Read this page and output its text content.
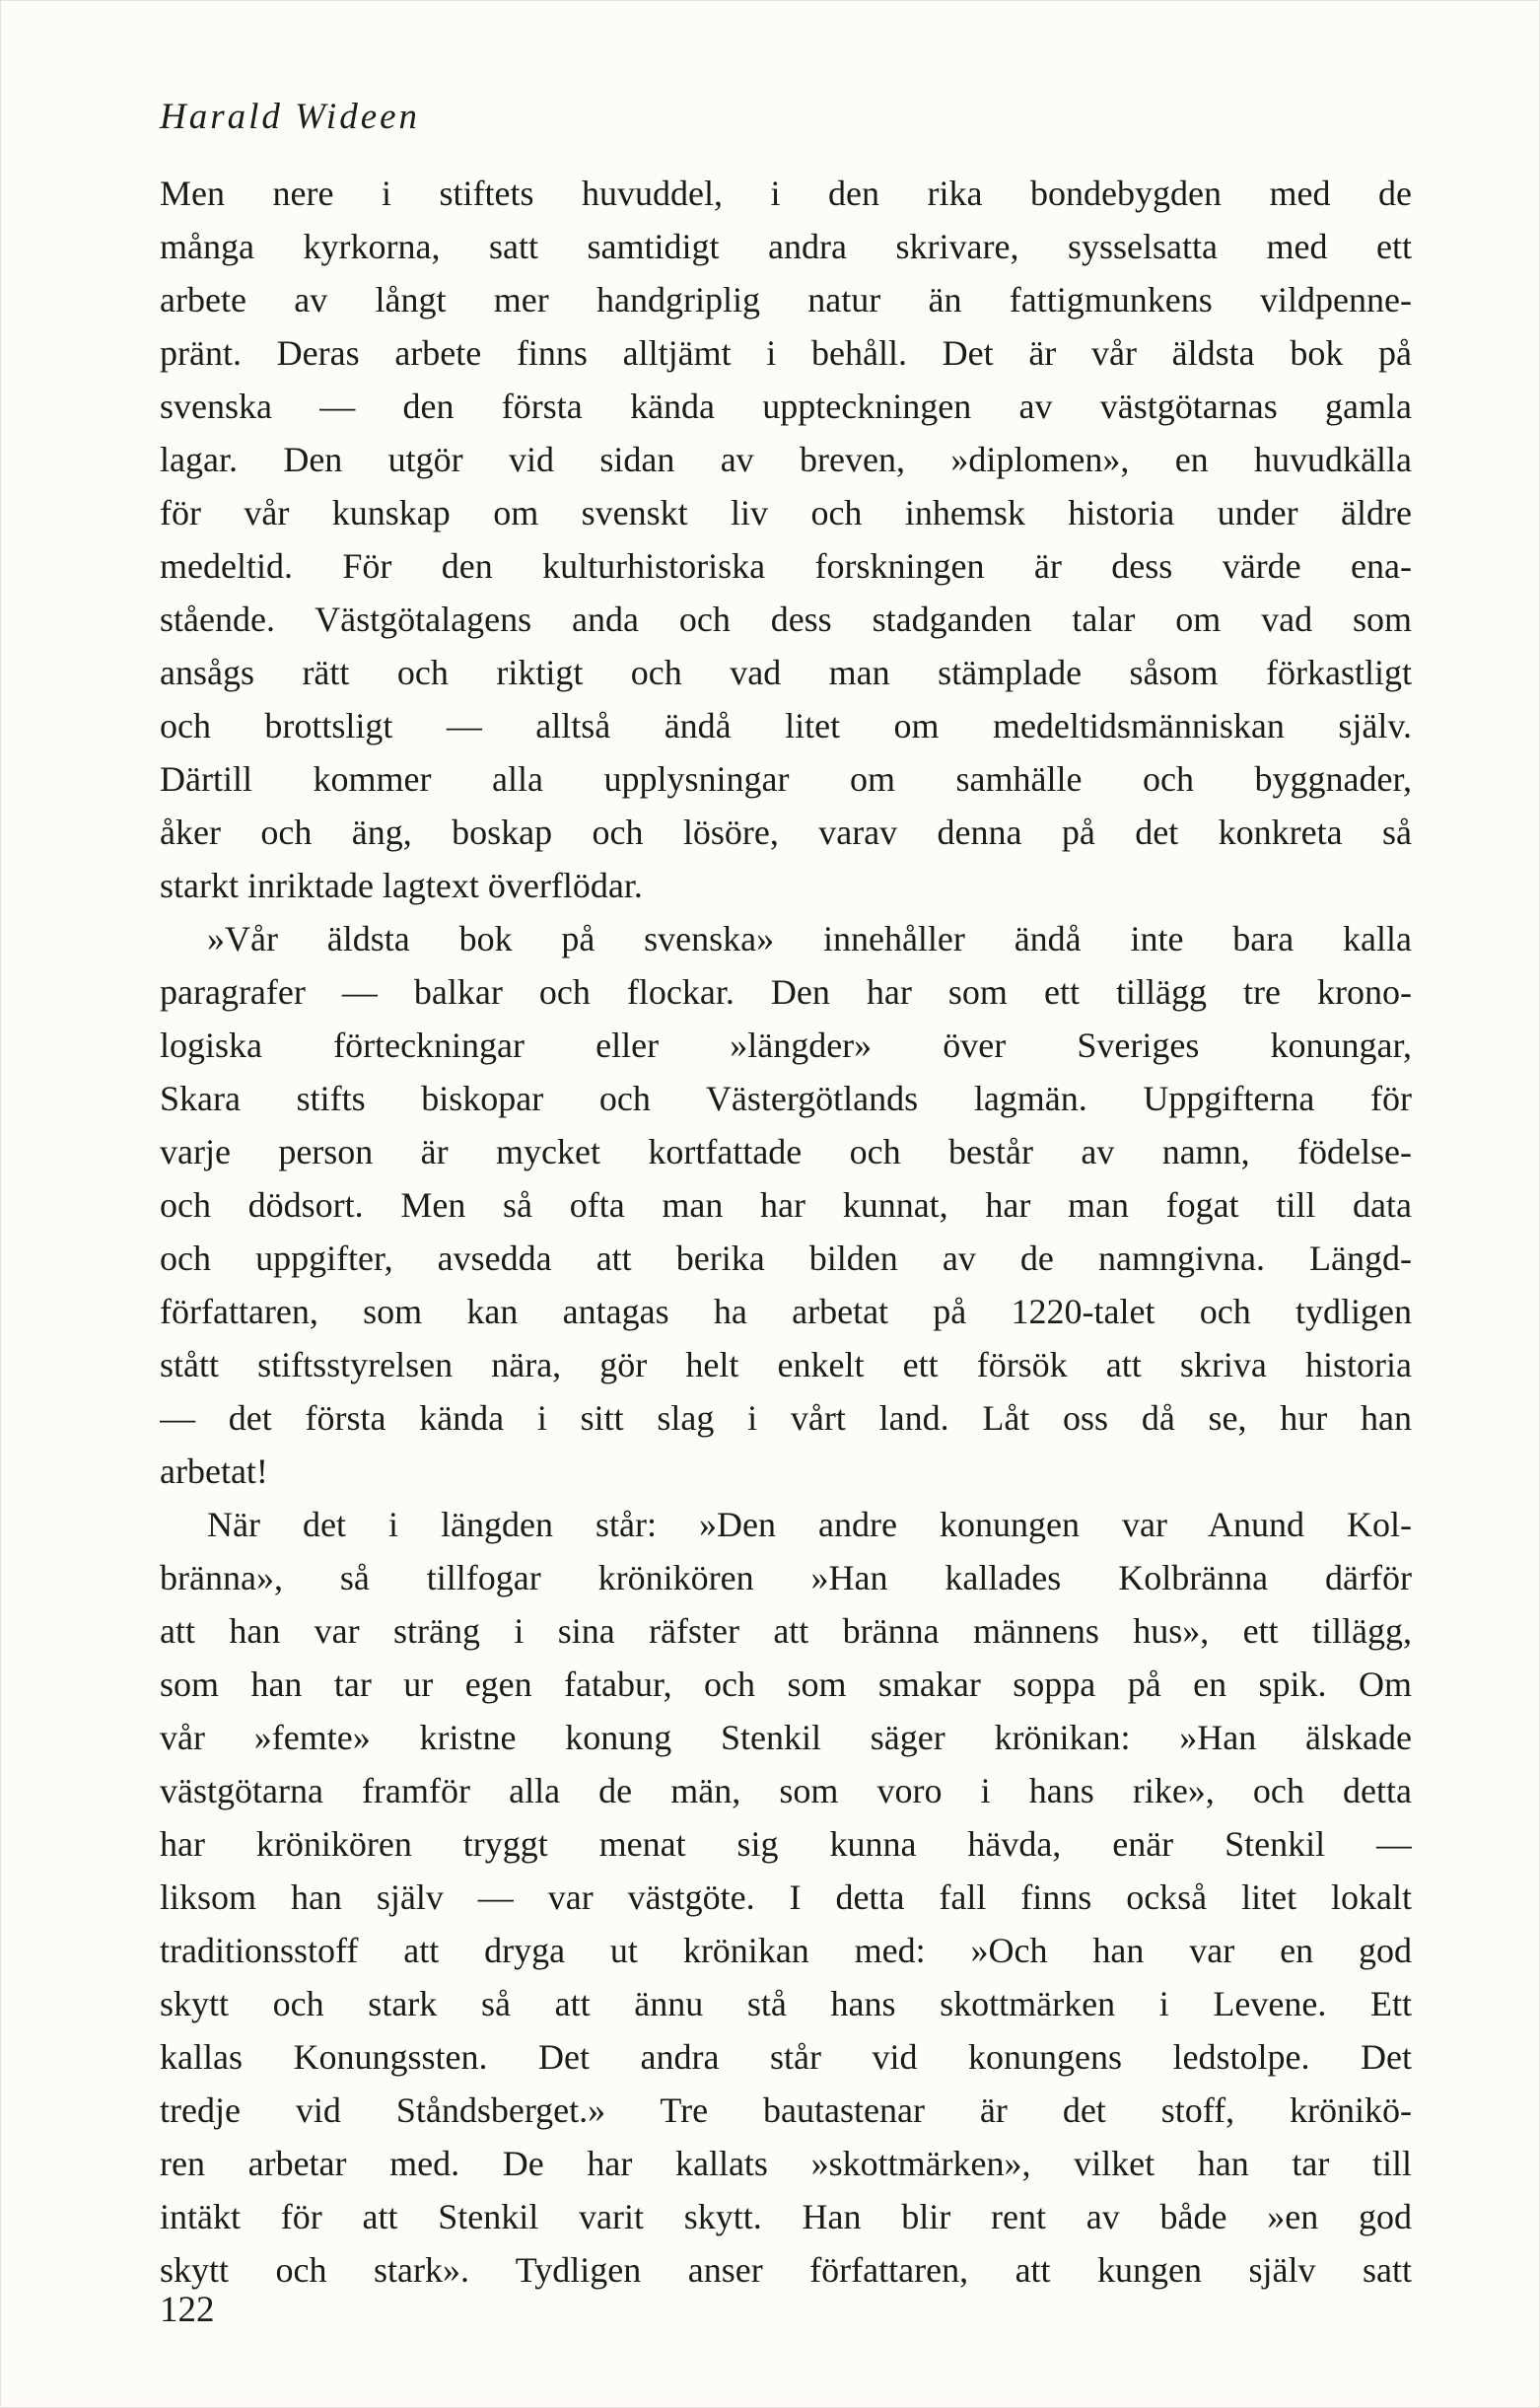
Harald Wideen
Men nere i stiftets huvuddel, i den rika bondebygden med de
många kyrkorna, satt samtidigt andra skrivare, sysselsatta med ett
arbete av långt mer handgriplig natur än fattigmunkens vildpenne-
pränt. Deras arbete finns alltjämt i behåll. Det är vår äldsta bok på
svenska — den första kända uppteckningen av västgötarnas gamla
lagar. Den utgör vid sidan av breven, »diplomen», en huvudkälla
för vår kunskap om svenskt liv och inhemsk historia under äldre
medeltid. För den kulturhistoriska forskningen är dess värde ena-
stående. Västgötalagens anda och dess stadganden talar om vad som
ansågs rätt och riktigt och vad man stämplade såsom förkastligt
och brottsligt — alltså ändå litet om medeltidsmänniskan själv.
Därtill kommer alla upplysningar om samhälle och byggnader,
åker och äng, boskap och lösöre, varav denna på det konkreta så
starkt inriktade lagtext överflödar.
»Vår äldsta bok på svenska» innehåller ändå inte bara kalla
paragrafer — balkar och flockar. Den har som ett tillägg tre krono-
logiska förteckningar eller »längder» över Sveriges konungar,
Skara stifts biskopar och Västergötlands lagmän. Uppgifterna för
varje person är mycket kortfattade och består av namn, födelse-
och dödsort. Men så ofta man har kunnat, har man fogat till data
och uppgifter, avsedda att berika bilden av de namngivna. Längd-
författaren, som kan antagas ha arbetat på 1220-talet och tydligen
stått stiftsstyrelsen nära, gör helt enkelt ett försök att skriva historia
— det första kända i sitt slag i vårt land. Låt oss då se, hur han
arbetat!
När det i längden står: »Den andre konungen var Anund Kol-
bränna», så tillfogar krönikören »Han kallades Kolbränna därför
att han var sträng i sina räfster att bränna männens hus», ett tillägg,
som han tar ur egen fatabur, och som smakar soppa på en spik. Om
vår »femte» kristne konung Stenkil säger krönikan: »Han älskade
västgötarna framför alla de män, som voro i hans rike», och detta
har krönikören tryggt menat sig kunna hävda, enär Stenkil —
liksom han själv — var västgöte. I detta fall finns också litet lokalt
traditionsstoff att dryga ut krönikan med: »Och han var en god
skytt och stark så att ännu stå hans skottmärken i Levene. Ett
kallas Konungssten. Det andra står vid konungens ledstolpe. Det
tredje vid Ståndsberget.» Tre bautastenar är det stoff, krönikö-
ren arbetar med. De har kallats »skottmärken», vilket han tar till
intäkt för att Stenkil varit skytt. Han blir rent av både »en god
skytt och stark». Tydligen anser författaren, att kungen själv satt
122
